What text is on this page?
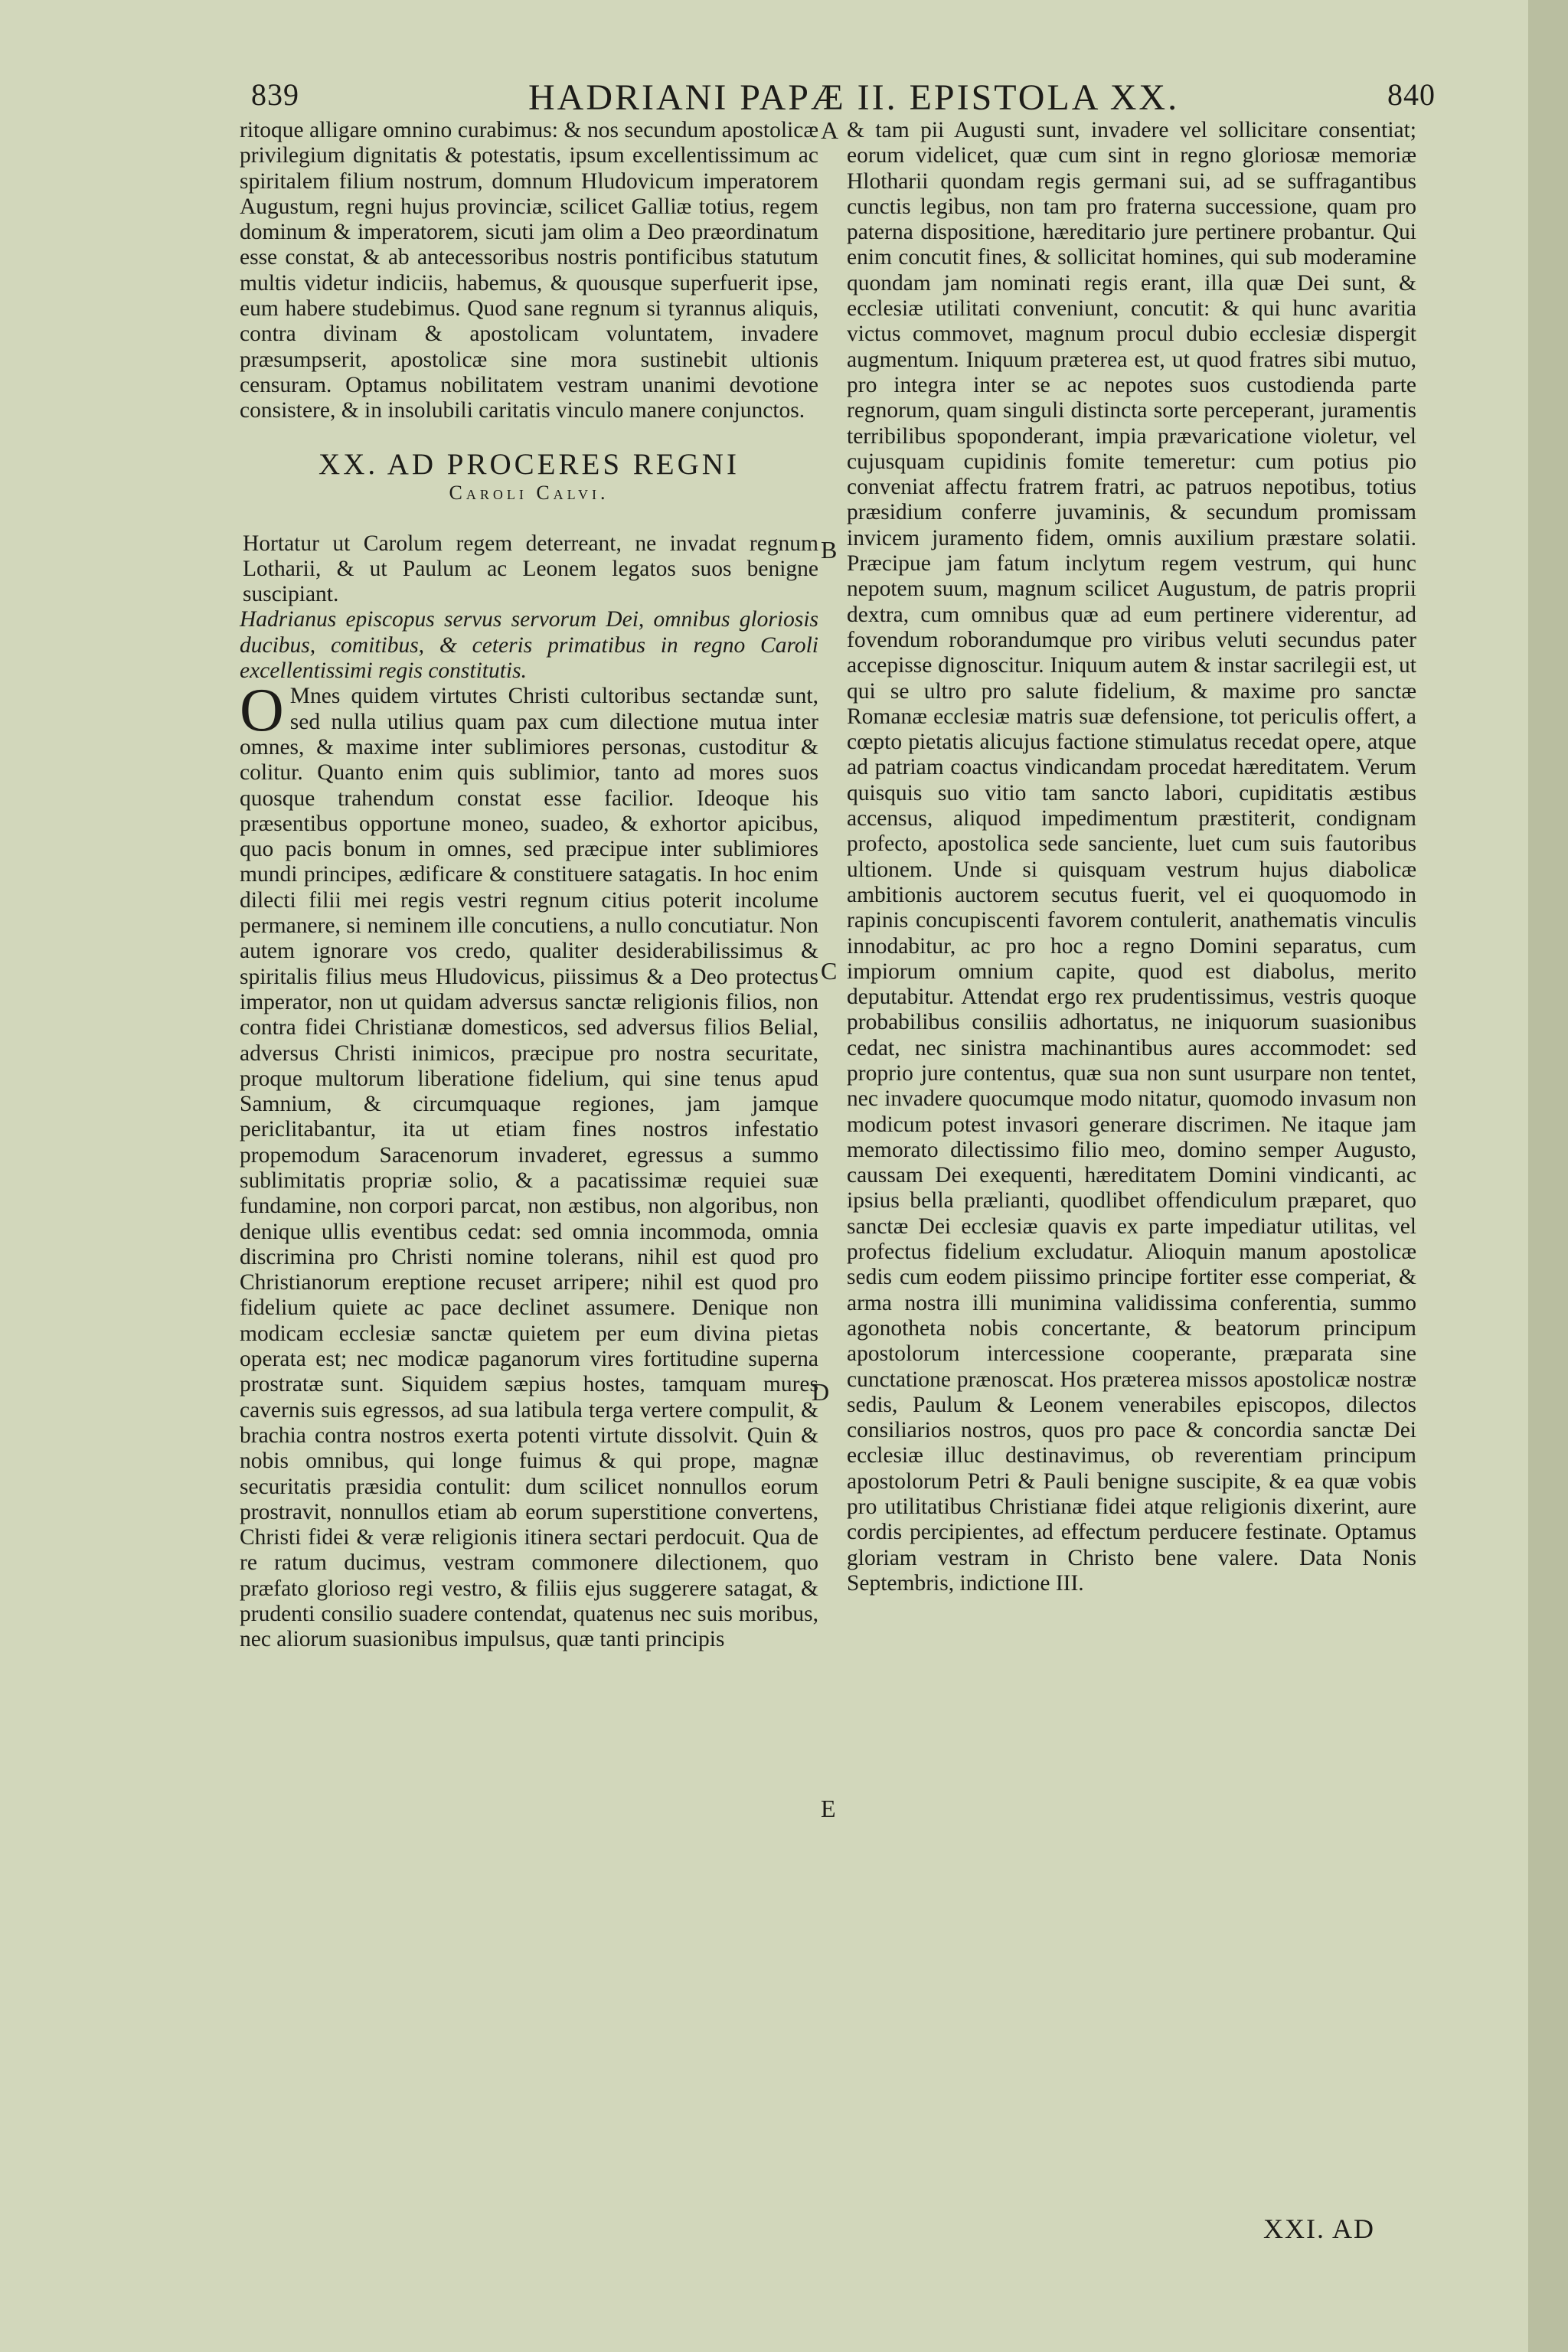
839	HADRIANI PAPÆ II. EPISTOLA XX.	840

ritoque alligare omnino curabimus: & nos secundum apostolicæ privilegium dignitatis & potestatis, ipsum excellentissimum ac spiritalem filium nostrum, domnum Hludovicum imperatorem Augustum, regni hujus provinciæ, scilicet Galliæ totius, regem dominum & imperatorem, sicuti jam olim a Deo præordinatum esse constat, & ab antecessoribus nostris pontificibus statutum multis videtur indiciis, habemus, & quousque superfuerit ipse, eum habere studebimus. Quod sane regnum si tyrannus aliquis, contra divinam & apostolicam voluntatem, invadere præsumpserit, apostolicæ sine mora sustinebit ultionis censuram. Optamus nobilitatem vestram unanimi devotione consistere, & in insolubili caritatis vinculo manere conjunctos.

XX. AD PROCERES REGNI
Caroli Calvi.

Hortatur ut Carolum regem deterreant, ne invadat regnum Lotharii, & ut Paulum ac Leonem legatos suos benigne suscipiant.

Hadrianus episcopus servus servorum Dei, omnibus gloriosis ducibus, comitibus, & ceteris primatibus in regno Caroli excellentissimi regis constitutis.

O Mnes quidem virtutes Christi cultoribus sectandæ sunt, sed nulla utilius quam pax cum dilectione mutua inter omnes, & maxime inter sublimiores personas, custoditur & colitur. Quanto enim quis sublimior, tanto ad mores suos quosque trahendum constat esse facilior. Ideoque his præsentibus opportune moneo, suadeo, & exhortor apicibus, quo pacis bonum in omnes, sed præcipue inter sublimiores mundi principes, ædificare & constituere satagatis. In hoc enim dilecti filii mei regis vestri regnum citius poterit incolume permanere, si neminem ille concutiens, a nullo concutiatur. Non autem ignorare vos credo, qualiter desiderabilissimus & spiritalis filius meus Hludovicus, piissimus & a Deo protectus imperator, non ut quidam adversus sanctæ religionis filios, non contra fidei Christianæ domesticos, sed adversus filios Belial, adversus Christi inimicos, præcipue pro nostra securitate, proque multorum liberatione fidelium, qui sine tenus apud Samnium, & circumquaque regiones, jam jamque periclitabantur, ita ut etiam fines nostros infestatio propemodum Saracenorum invaderet, egressus a summo sublimitatis propriæ solio, & a pacatissimæ requiei suæ fundamine, non corpori parcat, non æstibus, non algoribus, non denique ullis eventibus cedat: sed omnia incommoda, omnia discrimina pro Christi nomine tolerans, nihil est quod pro Christianorum ereptione recuset arripere; nihil est quod pro fidelium quiete ac pace declinet assumere. Denique non modicam ecclesiæ sanctæ quietem per eum divina pietas operata est; nec modicæ paganorum vires fortitudine superna prostratæ sunt. Siquidem sæpius hostes, tamquam mures cavernis suis egressos, ad sua latibula terga vertere compulit, & brachia contra nostros exerta potenti virtute dissolvit. Quin & nobis omnibus, qui longe fuimus & qui prope, magnæ securitatis præsidia contulit: dum scilicet nonnullos eorum prostravit, nonnullos etiam ab eorum superstitione convertens, Christi fidei & veræ religionis itinera sectari perdocuit. Qua de re ratum ducimus, vestram commonere dilectionem, quo præfato glorioso regi vestro, & filiis ejus suggerere satagat, & prudenti consilio suadere contendat, quatenus nec suis moribus, nec aliorum suasionibus impulsus, quæ tanti principis

& tam pii Augusti sunt, invadere vel sollicitare consentiat; eorum videlicet, quæ cum sint in regno gloriosæ memoriæ Hlotharii quondam regis germani sui, ad se suffragantibus cunctis legibus, non tam pro fraterna successione, quam pro paterna dispositione, hæreditario jure pertinere probantur. Qui enim concutit fines, & sollicitat homines, qui sub moderamine quondam jam nominati regis erant, illa quæ Dei sunt, & ecclesiæ utilitati conveniunt, concutit: & qui hunc avaritia victus commovet, magnum procul dubio ecclesiæ dispergit augmentum. Iniquum præterea est, ut quod fratres sibi mutuo, pro integra inter se ac nepotes suos custodienda parte regnorum, quam singuli distincta sorte perceperant, juramentis terribilibus spoponderant, impia prævaricatione violetur, vel cujusquam cupidinis fomite temeretur: cum potius pio conveniat affectu fratrem fratri, ac patruos nepotibus, totius præsidium conferre juvaminis, & secundum promissam invicem juramento fidem, omnis auxilium præstare solatii. Præcipue jam fatum inclytum regem vestrum, qui hunc nepotem suum, magnum scilicet Augustum, de patris proprii dextra, cum omnibus quæ ad eum pertinere viderentur, ad fovendum roborandumque pro viribus veluti secundus pater accepisse dignoscitur. Iniquum autem & instar sacrilegii est, ut qui se ultro pro salute fidelium, & maxime pro sanctæ Romanæ ecclesiæ matris suæ defensione, tot periculis offert, a cœpto pietatis alicujus factione stimulatus recedat opere, atque ad patriam coactus vindicandam procedat hæreditatem. Verum quisquis suo vitio tam sancto labori, cupiditatis æstibus accensus, aliquod impedimentum præstiterit, condignam profecto, apostolica sede sanciente, luet cum suis fautoribus ultionem. Unde si quisquam vestrum hujus diabolicæ ambitionis auctorem secutus fuerit, vel ei quoquomodo in rapinis concupiscenti favorem contulerit, anathematis vinculis innodabitur, ac pro hoc a regno Domini separatus, cum impiorum omnium capite, quod est diabolus, merito deputabitur. Attendat ergo rex prudentissimus, vestris quoque probabilibus consiliis adhortatus, ne iniquorum suasionibus cedat, nec sinistra machinantibus aures accommodet: sed proprio jure contentus, quæ sua non sunt usurpare non tentet, nec invadere quocumque modo nitatur, quomodo invasum non modicum potest invasori generare discrimen. Ne itaque jam memorato dilectissimo filio meo, domino semper Augusto, caussam Dei exequenti, hæreditatem Domini vindicanti, ac ipsius bella prælianti, quodlibet offendiculum præparet, quo sanctæ Dei ecclesiæ quavis ex parte impediatur utilitas, vel profectus fidelium excludatur. Alioquin manum apostolicæ sedis cum eodem piissimo principe fortiter esse comperiat, & arma nostra illi munimina validissima conferentia, summo agonotheta nobis concertante, & beatorum principum apostolorum intercessione cooperante, præparata sine cunctatione prænoscat. Hos præterea missos apostolicæ nostræ sedis, Paulum & Leonem venerabiles episcopos, dilectos consiliarios nostros, quos pro pace & concordia sanctæ Dei ecclesiæ illuc destinavimus, ob reverentiam principum apostolorum Petri & Pauli benigne suscipite, & ea quæ vobis pro utilitatibus Christianæ fidei atque religionis dixerint, aure cordis percipientes, ad effectum perducere festinate. Optamus gloriam vestram in Christo bene valere. Data Nonis Septembris, indictione III.

A
B
C
D
E
XXI. AD
